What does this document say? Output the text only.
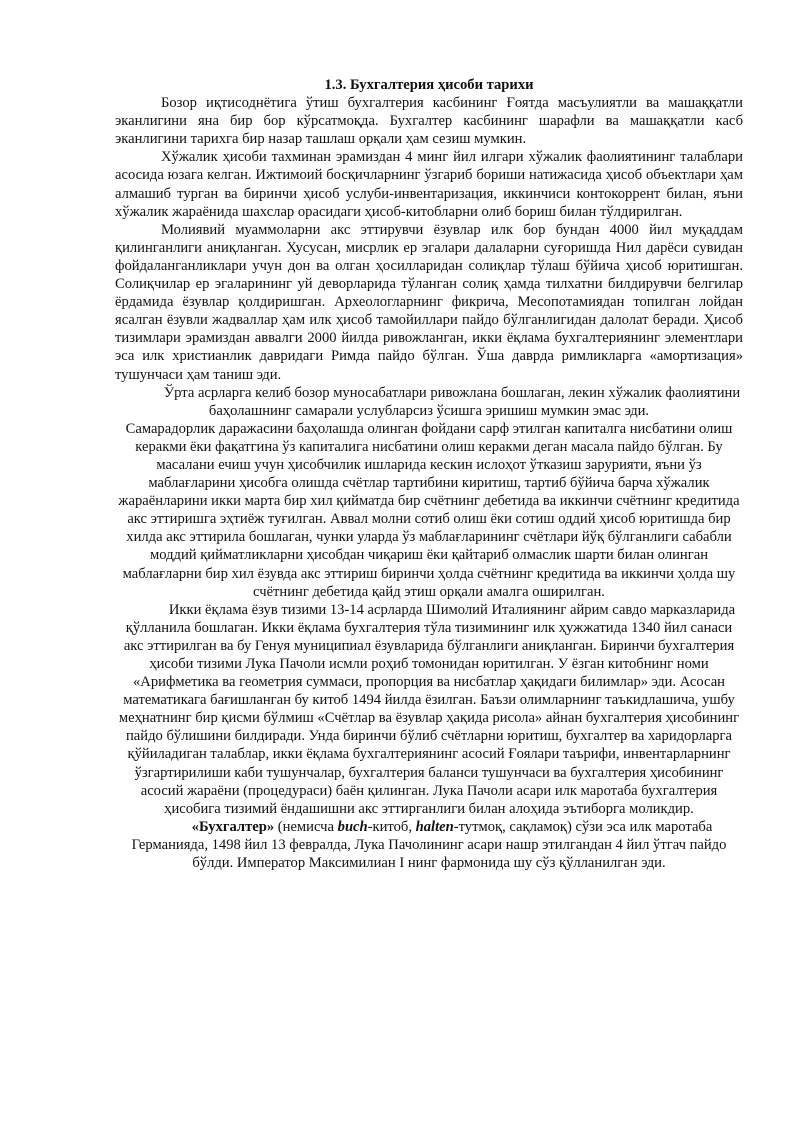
1.3. Бухгалтерия ҳисоби тарихи

Бозор иқтисоднётига ўтиш бухгалтерия касбининг Ғоятда масъулиятли ва машаққатли эканлигини яна бир бор кўрсатмоқда. Бухгалтер касбининг шарафли ва машаққатли касб эканлигини тарихга бир назар ташлаш орқали ҳам сезиш мумкин.

Хўжалик ҳисоби тахминан эрамиздан 4 минг йил илгари хўжалик фаолиятининг талаблари асосида юзага келган. Ижтимоий босқичларнинг ўзгариб бориши натижасида ҳисоб объектлари ҳам алмашиб турган ва биринчи ҳисоб услуби-инвентаризация, иккинчиси контокоррент билан, яъни хўжалик жараёнида шахслар орасидаги ҳисоб-китобларни олиб бориш билан тўлдирилган.

Молиявий муаммоларни акс эттирувчи ёзувлар илк бор бундан 4000 йил муқаддам қилинганлиги аниқланган. Хусусан, мисрлик ер эгалари далаларни суғоришда Нил дарёси сувидан фойдаланганликлари учун дон ва олган ҳосилларидан солиқлар тўлаш бўйича ҳисоб юритишган. Солиқчилар ер эгаларининг уй деворларида тўланган солиқ ҳамда тилхатни билдирувчи белгилар ёрдамида ёзувлар қолдиришган. Археологларнинг фикрича, Месопотамиядан топилган лойдан ясалган ёзувли жадваллар ҳам илк ҳисоб тамойиллари пайдо бўлганлигидан далолат беради. Ҳисоб тизимлари эрамиздан аввалги 2000 йилда ривожланган, икки ёқлама бухгалтериянинг элементлари эса илк христианлик давридаги Римда пайдо бўлган. Ўша даврда римликларга «амортизация» тушунчаси ҳам таниш эди.

Ўрта асрларга келиб бозор муносабатлари ривожлана бошлаган, лекин хўжалик фаолиятини баҳолашнинг самарали услубларсиз ўсишга эришиш мумкин эмас эди.

Самарадорлик даражасини баҳолашда олинган фойдани сарф этилган капиталга нисбатини олиш керакми ёки фақатгина ўз капиталига нисбатини олиш керакми деган масала пайдо бўлган. Бу масалани ечиш учун ҳисобчилик ишларида кескин ислоҳот ўтказиш зарурияти, яъни ўз маблағларини ҳисобга олишда счётлар тартибини киритиш, тартиб бўйича барча хўжалик жараёнларини икки марта бир хил қийматда бир счётнинг дебетида ва иккинчи счётнинг кредитида акс эттиришга эҳтиёж туғилган. Аввал молни сотиб олиш ёки сотиш оддий ҳисоб юритишда бир хилда акс эттирила бошлаган, чунки уларда ўз маблағларининг счётлари йўқ бўлганлиги сабабли моддий қийматликларни ҳисобдан чиқариш ёки қайтариб олмаслик шарти билан олинган маблағларни бир хил ёзувда акс эттириш биринчи ҳолда счётнинг кредитида ва иккинчи ҳолда шу счётнинг дебетида қайд этиш орқали амалга оширилган.

Икки ёқлама ёзув тизими 13-14 асрларда Шимолий Италиянинг айрим савдо марказларида қўлланила бошлаган. Икки ёқлама бухгалтерия тўла тизимининг илк ҳужжатида 1340 йил санаси акс эттирилган ва бу Генуя муниципиал ёзувларида бўлганлиги аниқланган. Биринчи бухгалтерия ҳисоби тизими Лука Пачоли исмли роҳиб томонидан юритилган. У ёзган китобнинг номи «Арифметика ва геометрия суммаси, пропорция ва нисбатлар ҳақидаги билимлар» эди. Асосан математикага бағишланган бу китоб 1494 йилда ёзилган. Баъзи олимларнинг таъкидлашича, ушбу меҳнатнинг бир қисми бўлмиш «Счётлар ва ёзувлар ҳақида рисола» айнан бухгалтерия ҳисобининг пайдо бўлишини билдиради. Унда биринчи бўлиб счётларни юритиш, бухгалтер ва харидорларга қўйиладиган талаблар, икки ёқлама бухгалтериянинг асосий Ғоялари таърифи, инвентарларнинг ўзгартирилиши каби тушунчалар, бухгалтерия баланси тушунчаси ва бухгалтерия ҳисобининг асосий жараёни (процедураси) баён қилинган. Лука Пачоли асари илк маротаба бухгалтерия ҳисобига тизимий ёндашишни акс эттирганлиги билан алоҳида эътиборга моликдир.

«Бухгалтер» (немисча buch-китоб, halten-тутмоқ, сақламоқ) сўзи эса илк маротаба Германияда, 1498 йил 13 февралда, Лука Пачолининг асари нашр этилгандан 4 йил ўтгач пайдо бўлди. Император Максимилиан I нинг фармонида шу сўз қўлланилган эди.
